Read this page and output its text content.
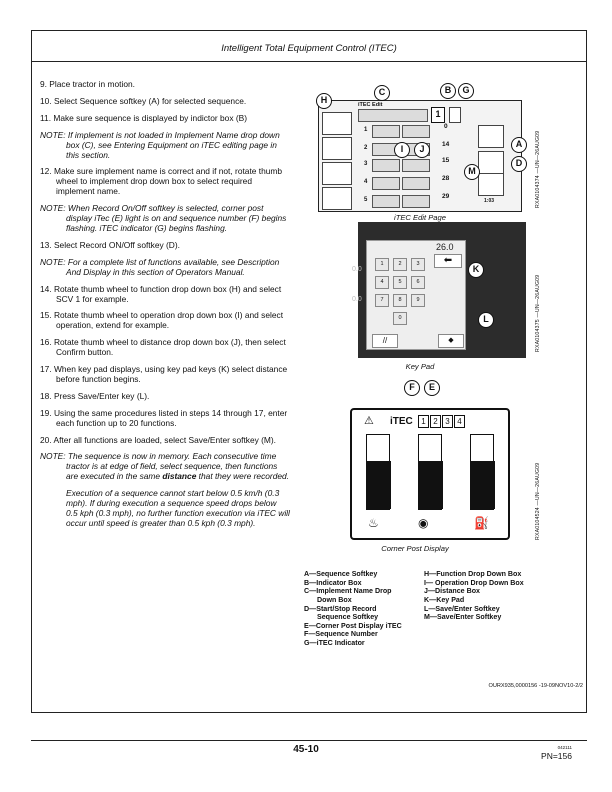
Intelligent Total Equipment Control (ITEC)
9. Place tractor in motion.
10. Select Sequence softkey (A) for selected sequence.
11. Make sure sequence is displayed by indictor box (B)
NOTE: If implement is not loaded in Implement Name drop down box (C), see Entering Equipment on iTEC editing page in this section.
12. Make sure implement name is correct and if not, rotate thumb wheel to implement drop down box to select required implement name.
NOTE: When Record On/Off softkey is selected, corner post display iTec (E) light is on and sequence number (F) begins flashing. iTEC indicator (G) begins flashing.
13. Select Record ON/Off softkey (D).
NOTE: For a complete list of functions available, see Description And Display in this section of Operators Manual.
14. Rotate thumb wheel to function drop down box (H) and select SCV 1 for example.
15. Rotate thumb wheel to operation drop down box (I) and select operation, extend for example.
16. Rotate thumb wheel to distance drop down box (J), then select Confirm button.
17. When key pad displays, using key pad keys (K) select distance before function begins.
18. Press Save/Enter key (L).
19. Using the same procedures listed in steps 14 through 17, enter each function up to 20 functions.
20. After all functions are loaded, select Save/Enter softkey (M).
NOTE: The sequence is now in memory. Each consecutive time tractor is at edge of field, select sequence, then functions are executed in the same distance that they were recorded.
Execution of a sequence cannot start below 0.5 km/h (0.3 mph). If during execution a sequence speed drops below 0.5 kph (0.3 mph), no further function execution via iTEC will occur until speed is greater than 0.5 kph (0.3 mph).
iTEC Edit
1
1	0
2	14
3	15
4	28
5	29
1:03
H
C	B	G
A
D
I	J
M
iTEC Edit Page
RXA0104374 —UN—26AUG09
0.0
0.0
26.0
⬅
1	2	3
4	5	6
7	8	9
0
//	◆
K
L
Key Pad
RXA0104375 —UN—26AUG09
F	E
⚠ iTEC	1 2 3 4
♨	◉	⛽
Corner Post Display
RXA0104524 —UN—26AUG09
A—Sequence Softkey
B—Indicator Box
C—Implement Name Drop
Down Box
D—Start/Stop Record
Sequence Softkey
E—Corner Post Display iTEC
F—Sequence Number
G—iTEC Indicator
H—Function Drop Down Box
I— Operation Drop Down Box
J—Distance Box
K—Key Pad
L—Save/Enter Softkey
M—Save/Enter Softkey
OURX935,0000156 -19-09NOV10-2/2
45-10	042111
PN=156
